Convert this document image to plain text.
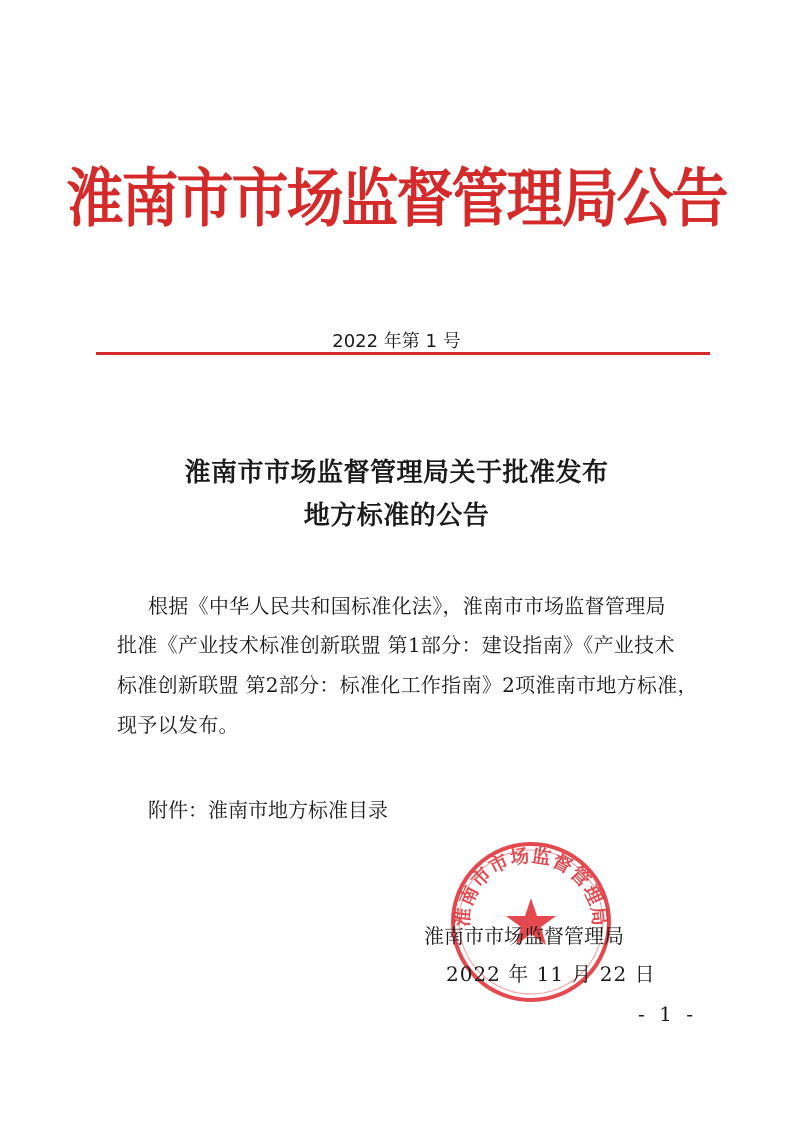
淮南市市场监督管理局公告
2022 年第 1 号
淮南市市场监督管理局关于批准发布
地方标准的公告
根据《中华人民共和国标准化法》，淮南市市场监督管理局
批准《产业技术标准创新联盟 第1部分：建设指南》《产业技术
标准创新联盟 第2部分：标准化工作指南》2项淮南市地方标准，
现予以发布。
附件：淮南市地方标准目录
淮南市市场监督管理局
淮南市市场监督管理局
2022 年 11 月 22 日
- 1 -
